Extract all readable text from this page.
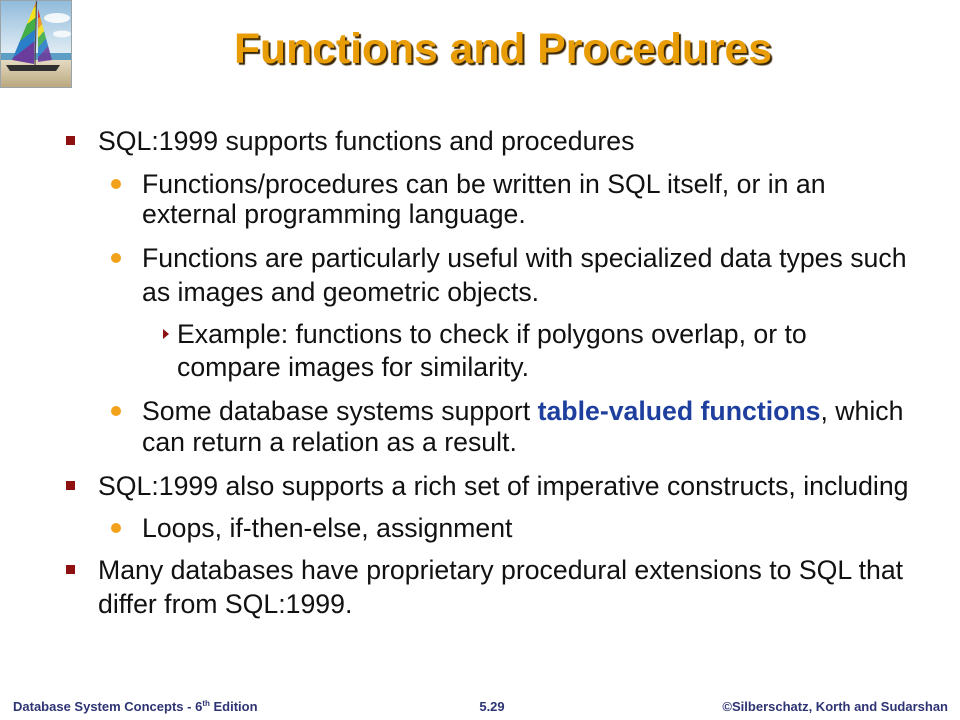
Functions and Procedures
SQL:1999 supports functions and procedures
Functions/procedures can be written in SQL itself, or in an
external programming language.
Functions are particularly useful with specialized data types such
as images and geometric objects.
Example: functions to check if polygons overlap, or to
compare images for similarity.
Some database systems support table-valued functions, which
can return a relation as a result.
SQL:1999 also supports a rich set of imperative constructs, including
Loops, if-then-else, assignment
Many databases have proprietary procedural extensions to SQL that
differ from SQL:1999.
Database System Concepts - 6th Edition	5.29	©Silberschatz, Korth and Sudarshan
